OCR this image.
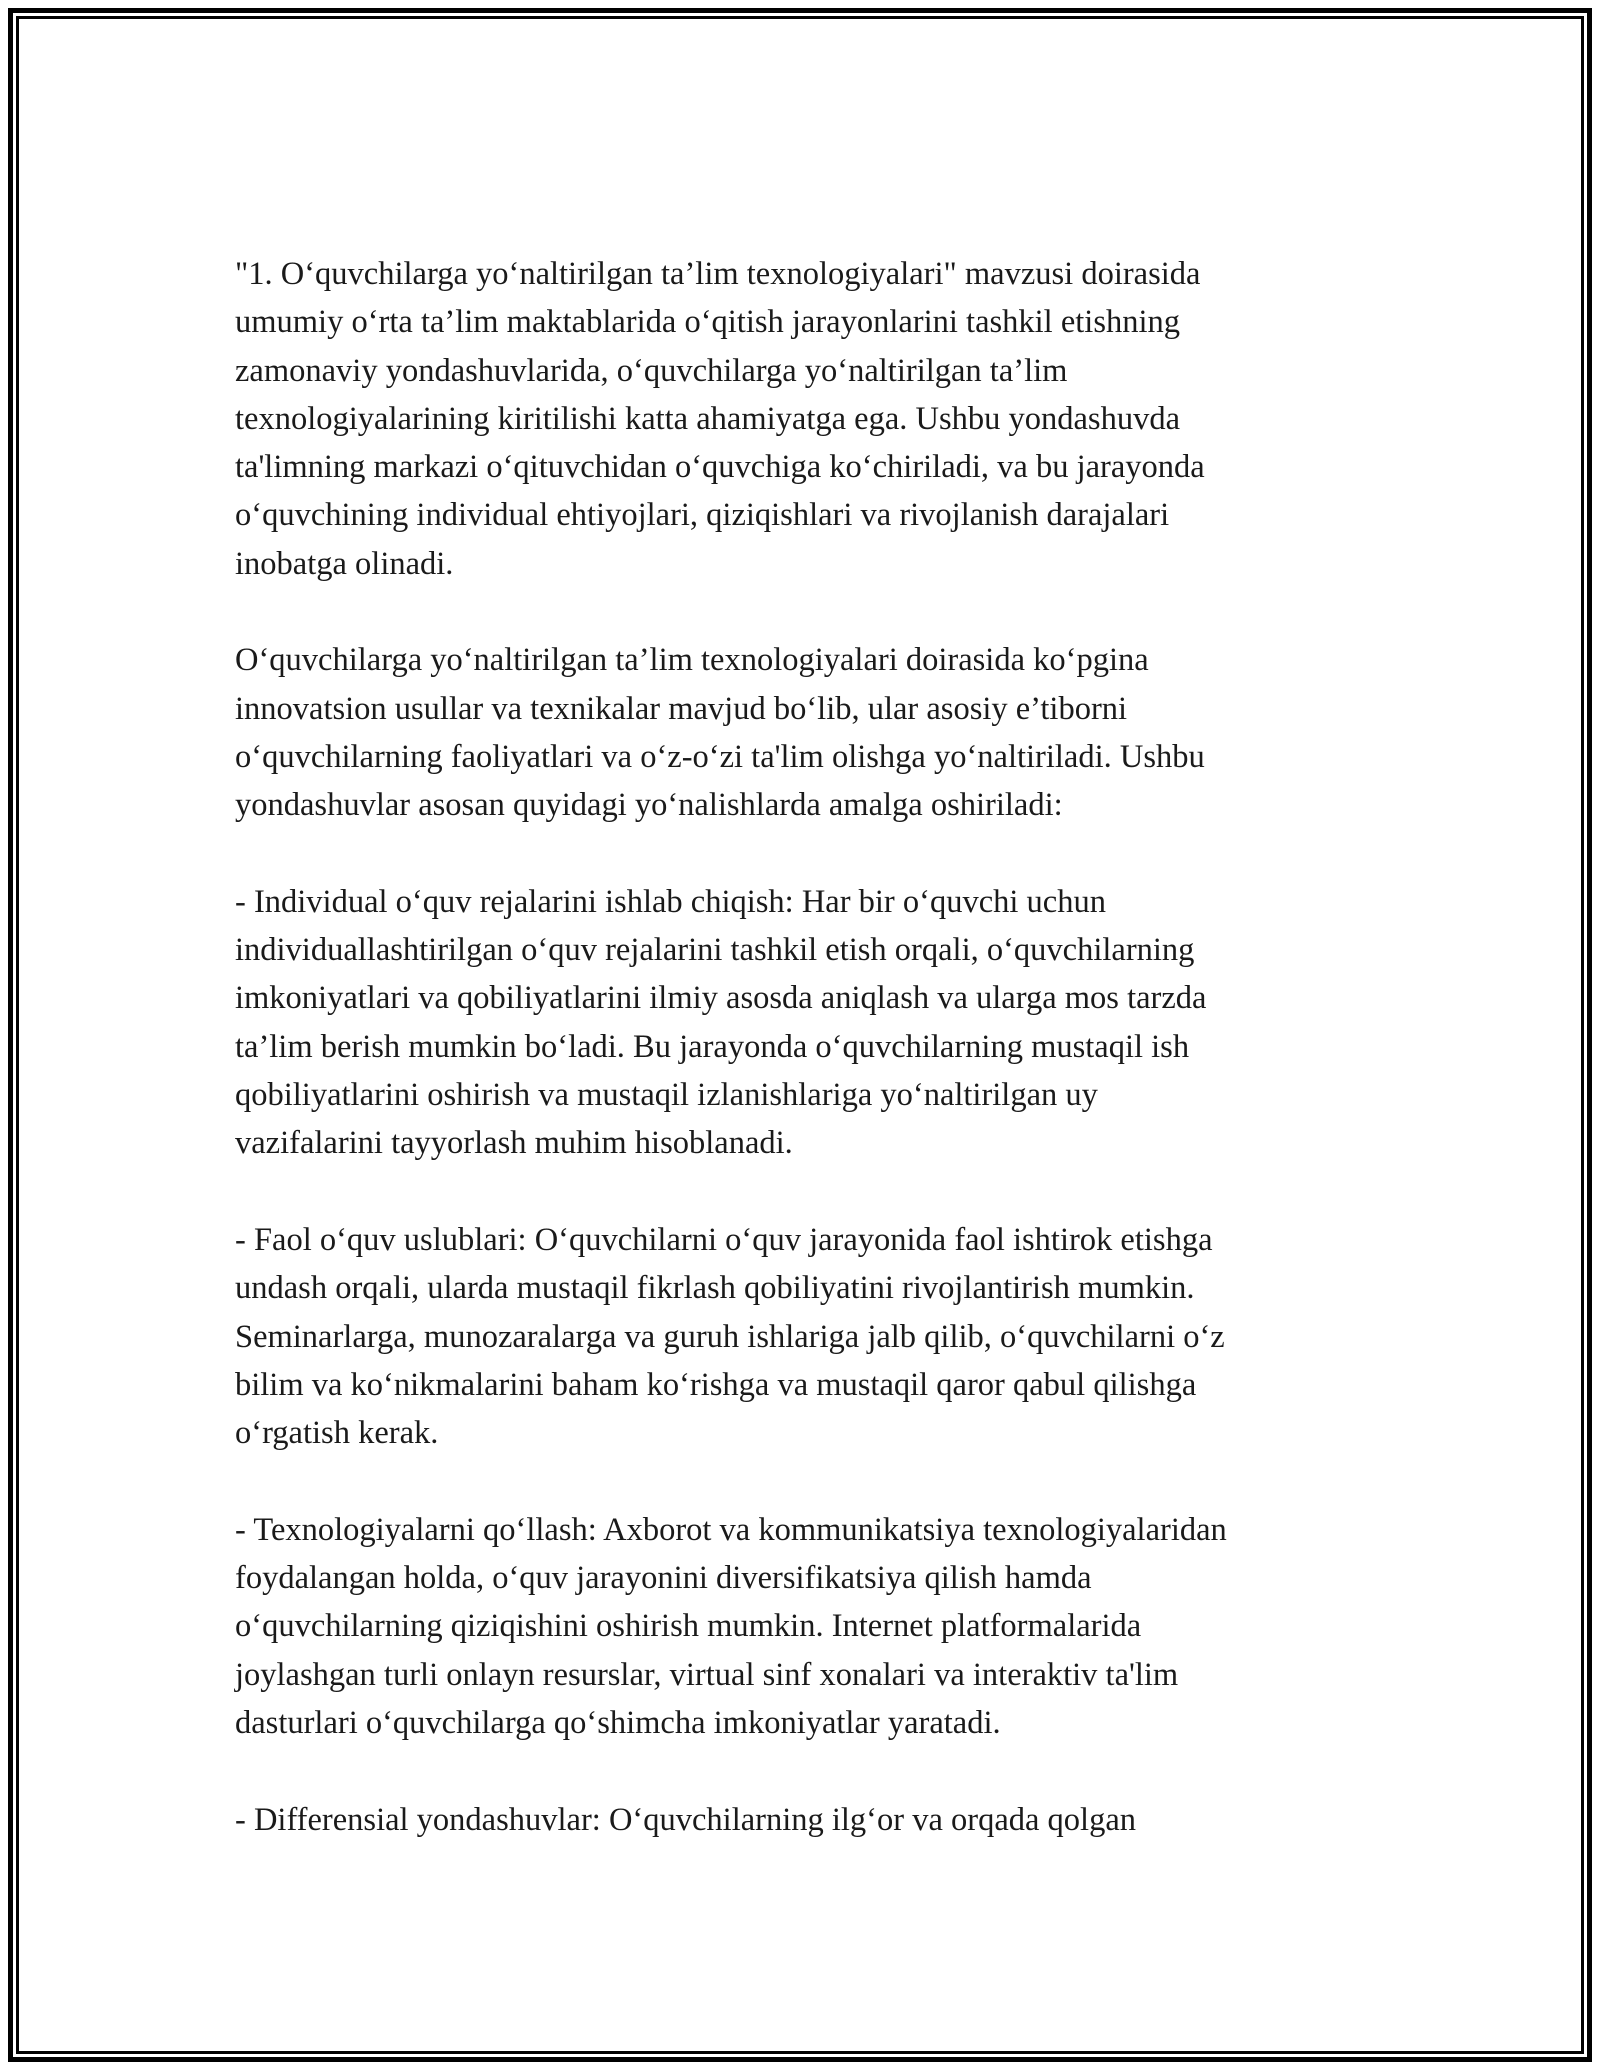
"1. O‘quvchilarga yo‘naltirilgan ta’lim texnologiyalari" mavzusi doirasida
umumiy o‘rta ta’lim maktablarida o‘qitish jarayonlarini tashkil etishning
zamonaviy yondashuvlarida, o‘quvchilarga yo‘naltirilgan ta’lim
texnologiyalarining kiritilishi katta ahamiyatga ega. Ushbu yondashuvda
ta'limning markazi o‘qituvchidan o‘quvchiga ko‘chiriladi, va bu jarayonda
o‘quvchining individual ehtiyojlari, qiziqishlari va rivojlanish darajalari
inobatga olinadi.

O‘quvchilarga yo‘naltirilgan ta’lim texnologiyalari doirasida ko‘pgina
innovatsion usullar va texnikalar mavjud bo‘lib, ular asosiy e’tiborni
o‘quvchilarning faoliyatlari va o‘z-o‘zi ta'lim olishga yo‘naltiriladi. Ushbu
yondashuvlar asosan quyidagi yo‘nalishlarda amalga oshiriladi:

- Individual o‘quv rejalarini ishlab chiqish: Har bir o‘quvchi uchun
individuallashtirilgan o‘quv rejalarini tashkil etish orqali, o‘quvchilarning
imkoniyatlari va qobiliyatlarini ilmiy asosda aniqlash va ularga mos tarzda
ta’lim berish mumkin bo‘ladi. Bu jarayonda o‘quvchilarning mustaqil ish
qobiliyatlarini oshirish va mustaqil izlanishlariga yo‘naltirilgan uy
vazifalarini tayyorlash muhim hisoblanadi.

- Faol o‘quv uslublari: O‘quvchilarni o‘quv jarayonida faol ishtirok etishga
undash orqali, ularda mustaqil fikrlash qobiliyatini rivojlantirish mumkin.
Seminarlarga, munozaralarga va guruh ishlariga jalb qilib, o‘quvchilarni o‘z
bilim va ko‘nikmalarini baham ko‘rishga va mustaqil qaror qabul qilishga
o‘rgatish kerak.

- Texnologiyalarni qo‘llash: Axborot va kommunikatsiya texnologiyalaridan
foydalangan holda, o‘quv jarayonini diversifikatsiya qilish hamda
o‘quvchilarning qiziqishini oshirish mumkin. Internet platformalarida
joylashgan turli onlayn resurslar, virtual sinf xonalari va interaktiv ta'lim
dasturlari o‘quvchilarga qo‘shimcha imkoniyatlar yaratadi.

- Differensial yondashuvlar: O‘quvchilarning ilg‘or va orqada qolgan
